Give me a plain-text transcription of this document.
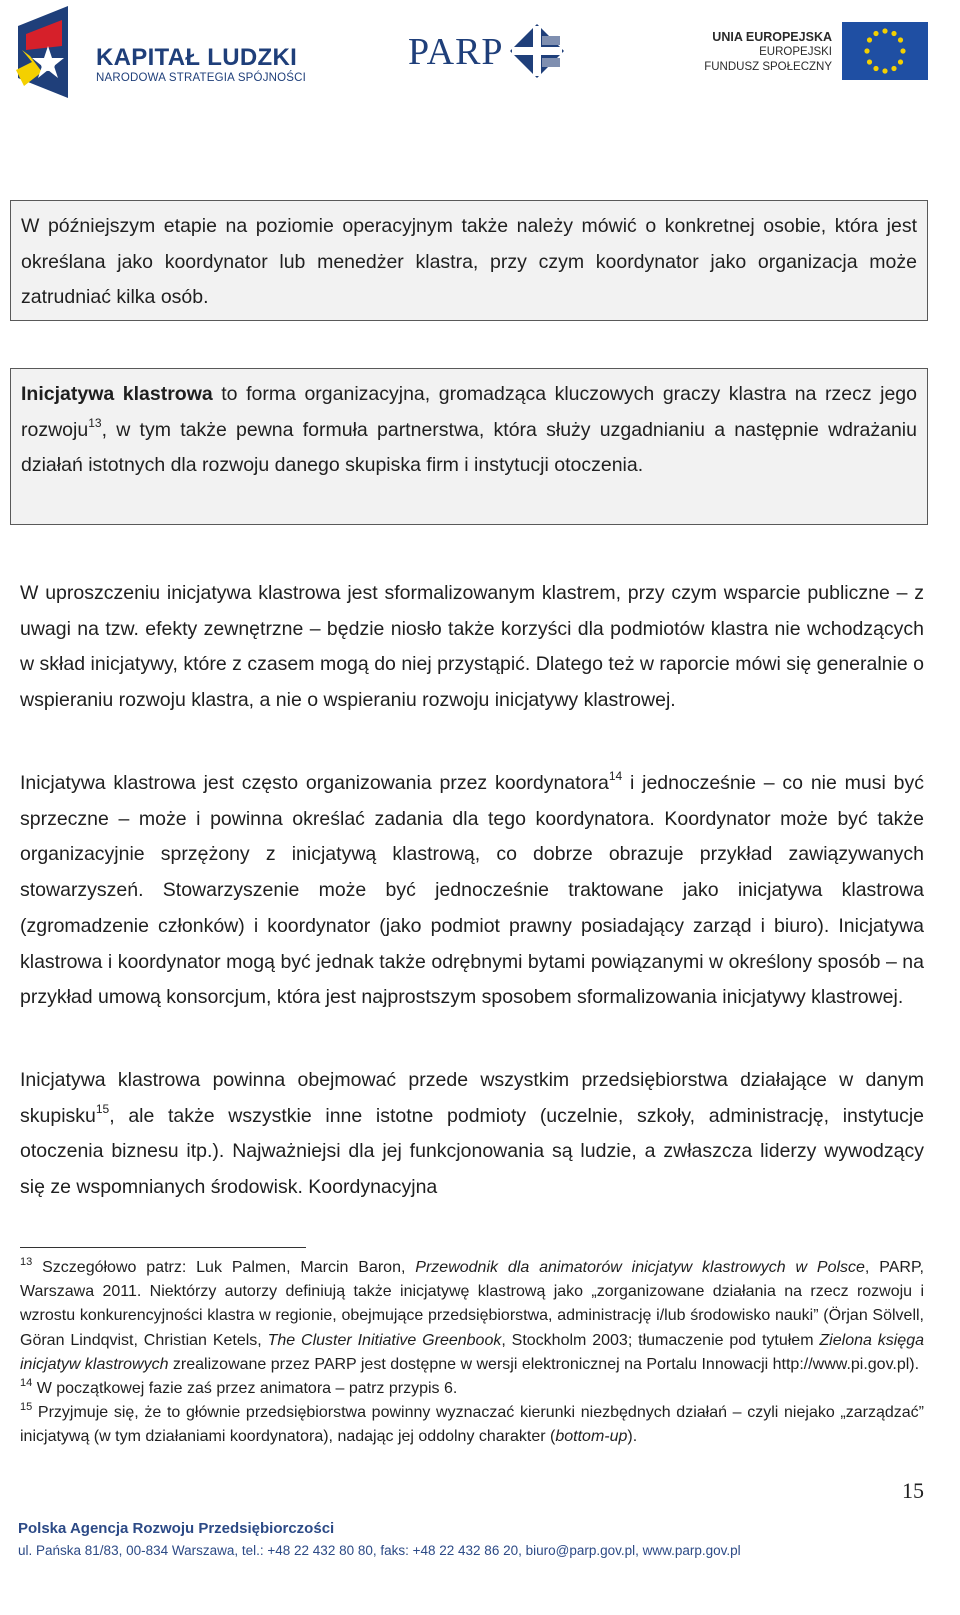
KAPITAŁ LUDZKI
NARODOWA STRATEGIA SPÓJNOŚCI
PARP	UNIA EUROPEJSKA
EUROPEJSKI
FUNDUSZ SPOŁECZNY

W późniejszym etapie na poziomie operacyjnym także należy mówić o konkretnej osobie, która jest określana jako koordynator lub menedżer klastra, przy czym koordynator jako organizacja może zatrudniać kilka osób.

Inicjatywa klastrowa to forma organizacyjna, gromadząca kluczowych graczy klastra na rzecz jego rozwoju$^{13}$, w tym także pewna formuła partnerstwa, która służy uzgadnianiu a następnie wdrażaniu działań istotnych dla rozwoju danego skupiska firm i instytucji otoczenia.

W uproszczeniu inicjatywa klastrowa jest sformalizowanym klastrem, przy czym wsparcie publiczne – z uwagi na tzw. efekty zewnętrzne – będzie niosło także korzyści dla podmiotów klastra nie wchodzących w skład inicjatywy, które z czasem mogą do niej przystąpić. Dlatego też w raporcie mówi się generalnie o wspieraniu rozwoju klastra, a nie o wspieraniu rozwoju inicjatywy klastrowej.

Inicjatywa klastrowa jest często organizowania przez koordynatora$^{14}$ i jednocześnie – co nie musi być sprzeczne – może i powinna określać zadania dla tego koordynatora. Koordynator może być także organizacyjnie sprzężony z inicjatywą klastrową, co dobrze obrazuje przykład zawiązywanych stowarzyszeń. Stowarzyszenie może być jednocześnie traktowane jako inicjatywa klastrowa (zgromadzenie członków) i koordynator (jako podmiot prawny posiadający zarząd i biuro). Inicjatywa klastrowa i koordynator mogą być jednak także odrębnymi bytami powiązanymi w określony sposób – na przykład umową konsorcjum, która jest najprostszym sposobem sformalizowania inicjatywy klastrowej.

Inicjatywa klastrowa powinna obejmować przede wszystkim przedsiębiorstwa działające w danym skupisku$^{15}$, ale także wszystkie inne istotne podmioty (uczelnie, szkoły, administrację, instytucje otoczenia biznesu itp.). Najważniejsi dla jej funkcjonowania są ludzie, a zwłaszcza liderzy wywodzący się ze wspomnianych środowisk. Koordynacyjna

$^{13}$ Szczegółowo patrz: Luk Palmen, Marcin Baron, Przewodnik dla animatorów inicjatyw klastrowych w Polsce, PARP, Warszawa 2011. Niektórzy autorzy definiują także inicjatywę klastrową jako „zorganizowane działania na rzecz rozwoju i wzrostu konkurencyjności klastra w regionie, obejmujące przedsiębiorstwa, administrację i/lub środowisko nauki” (Örjan Sölvell, Göran Lindqvist, Christian Ketels, The Cluster Initiative Greenbook, Stockholm 2003; tłumaczenie pod tytułem Zielona księga inicjatyw klastrowych zrealizowane przez PARP jest dostępne w wersji elektronicznej na Portalu Innowacji http://www.pi.gov.pl).

$^{14}$ W początkowej fazie zaś przez animatora – patrz przypis 6.

$^{15}$ Przyjmuje się, że to głównie przedsiębiorstwa powinny wyznaczać kierunki niezbędnych działań – czyli niejako „zarządzać” inicjatywą (w tym działaniami koordynatora), nadając jej oddolny charakter (bottom-up).

15
Polska Agencja Rozwoju Przedsiębiorczości
ul. Pańska 81/83, 00-834 Warszawa, tel.: +48 22 432 80 80, faks: +48 22 432 86 20, biuro@parp.gov.pl, www.parp.gov.pl
